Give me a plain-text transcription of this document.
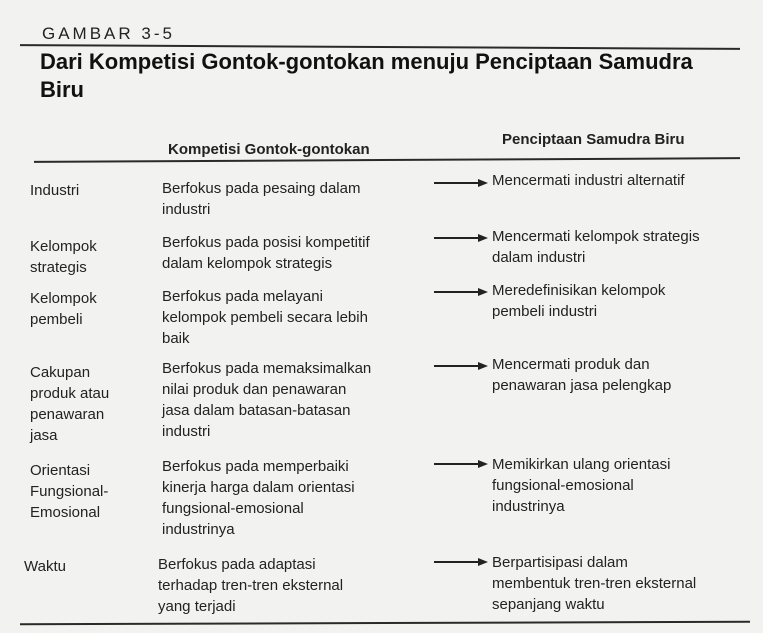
GAMBAR 3-5
Dari Kompetisi Gontok-gontokan menuju Penciptaan Samudra Biru
Kompetisi Gontok-gontokan
Penciptaan Samudra Biru
Industri	Berfokus pada pesaing dalam
industri
Mencermati industri alternatif
Kelompok
strategis
Berfokus pada posisi kompetitif
dalam kelompok strategis
Mencermati kelompok strategis
dalam industri
Kelompok
pembeli
Berfokus pada melayani
kelompok pembeli secara lebih
baik
Meredefinisikan kelompok
pembeli industri
Cakupan
produk atau
penawaran
jasa
Berfokus pada memaksimalkan
nilai produk dan penawaran
jasa dalam batasan-batasan
industri
Mencermati produk dan
penawaran jasa pelengkap
Orientasi
Fungsional-
Emosional
Berfokus pada memperbaiki
kinerja harga dalam orientasi
fungsional-emosional
industrinya
Memikirkan ulang orientasi
fungsional-emosional
industrinya
Waktu	Berfokus pada adaptasi
terhadap tren-tren eksternal
yang terjadi
Berpartisipasi dalam
membentuk tren-tren eksternal
sepanjang waktu
